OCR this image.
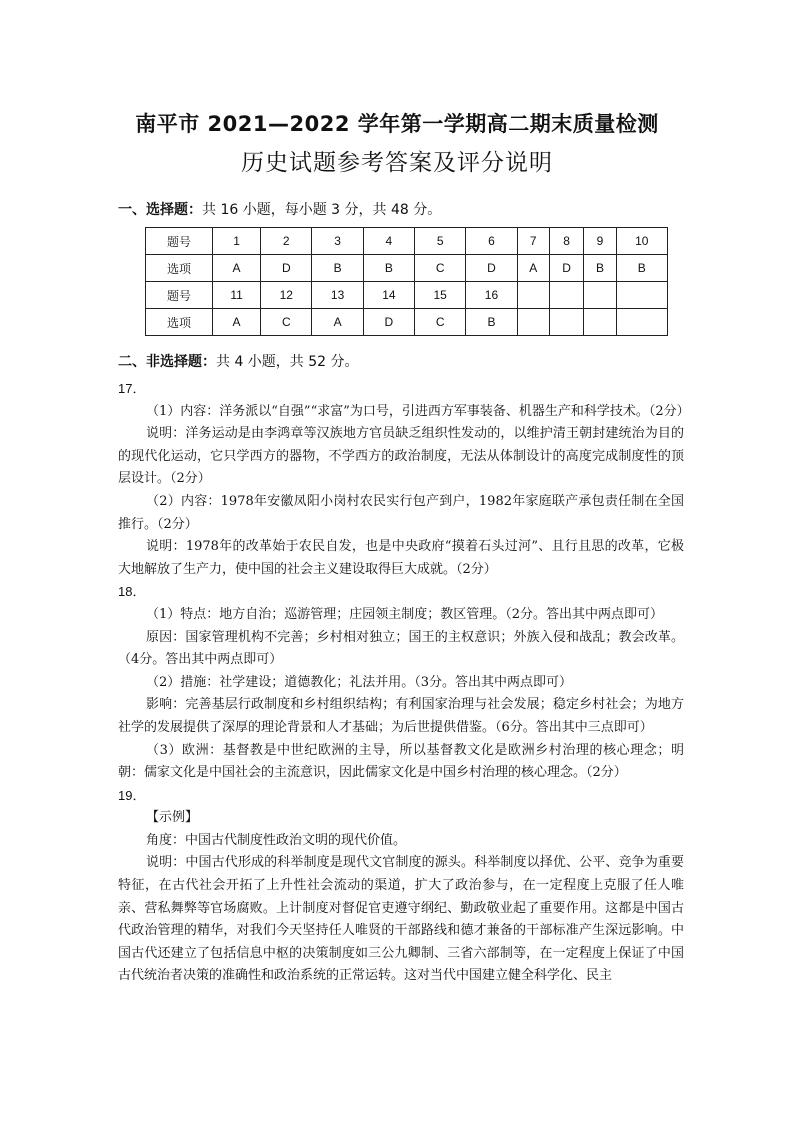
南平市 2021—2022 学年第一学期高二期末质量检测
历史试题参考答案及评分说明
一、选择题：共 16 小题，每小题 3 分，共 48 分。
题号	1	2	3	4	5	6	7	8	9	10
选项	A	D	B	B	C	D	A	D	B	B
题号	11	12	13	14	15	16				
选项	A	C	A	D	C	B				
二、非选择题：共 4 小题，共 52 分。

17．

（1）内容：洋务派以“自强”“求富”为口号，引进西方军事装备、机器生产和科学技术。（2分）

说明：洋务运动是由李鸿章等汉族地方官员缺乏组织性发动的，以维护清王朝封建统治为目的的现代化运动，它只学西方的器物，不学西方的政治制度，无法从体制设计的高度完成制度性的顶层设计。（2分）

（2）内容：1978年安徽凤阳小岗村农民实行包产到户，1982年家庭联产承包责任制在全国推行。（2分）

说明：1978年的改革始于农民自发，也是中央政府“摸着石头过河”、且行且思的改革，它极大地解放了生产力，使中国的社会主义建设取得巨大成就。（2分）

18．

（1）特点：地方自治；巡游管理；庄园领主制度；教区管理。（2分。答出其中两点即可）

原因：国家管理机构不完善；乡村相对独立；国王的主权意识；外族入侵和战乱；教会改革。（4分。答出其中两点即可）

（2）措施：社学建设；道德教化；礼法并用。（3分。答出其中两点即可）

影响：完善基层行政制度和乡村组织结构；有利国家治理与社会发展；稳定乡村社会；为地方社学的发展提供了深厚的理论背景和人才基础；为后世提供借鉴。（6分。答出其中三点即可）

（3）欧洲：基督教是中世纪欧洲的主导，所以基督教文化是欧洲乡村治理的核心理念；明朝：儒家文化是中国社会的主流意识，因此儒家文化是中国乡村治理的核心理念。（2分）

19．

【示例】

角度：中国古代制度性政治文明的现代价值。

说明：中国古代形成的科举制度是现代文官制度的源头。科举制度以择优、公平、竞争为重要特征，在古代社会开拓了上升性社会流动的渠道，扩大了政治参与，在一定程度上克服了任人唯亲、营私舞弊等官场腐败。上计制度对督促官吏遵守纲纪、勤政敬业起了重要作用。这都是中国古代政治管理的精华，对我们今天坚持任人唯贤的干部路线和德才兼备的干部标准产生深远影响。中国古代还建立了包括信息中枢的决策制度如三公九卿制、三省六部制等，在一定程度上保证了中国古代统治者决策的准确性和政治系统的正常运转。这对当代中国建立健全科学化、民主
